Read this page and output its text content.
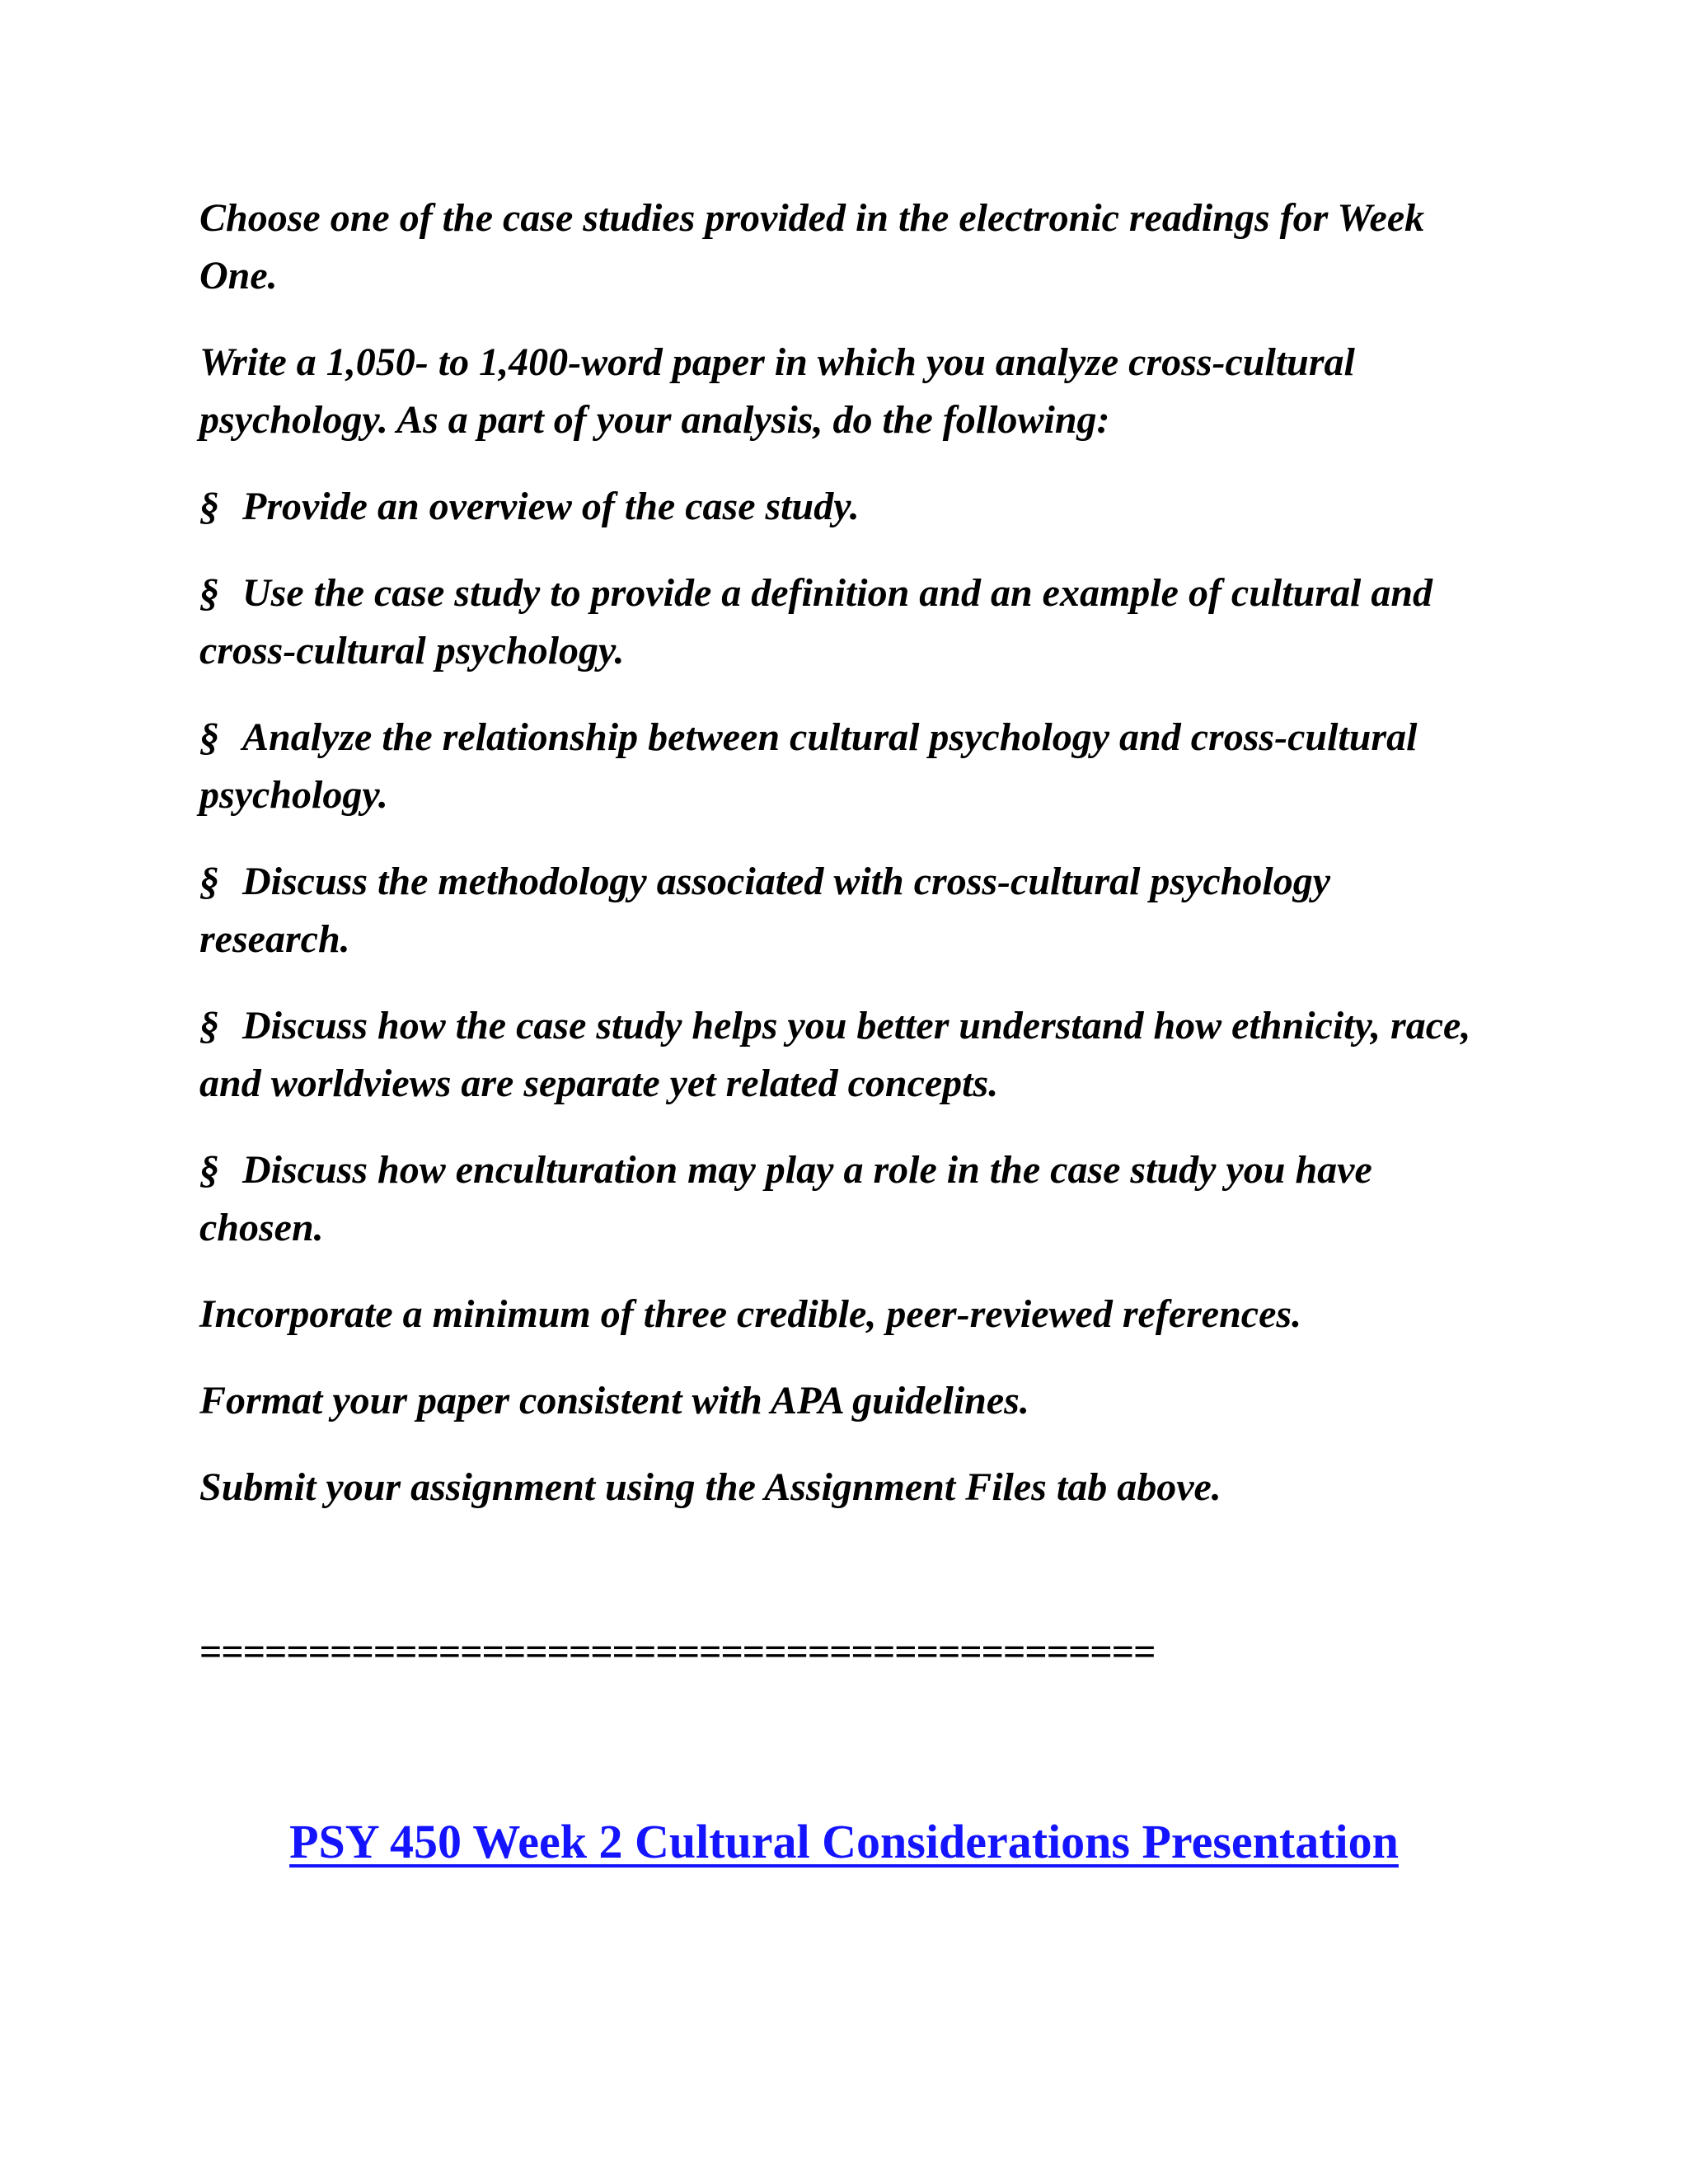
Choose one of the case studies provided in the electronic readings for Week One.

Write a 1,050- to 1,400-word paper in which you analyze cross-cultural psychology. As a part of your analysis, do the following:

§ Provide an overview of the case study.

§ Use the case study to provide a definition and an example of cultural and cross-cultural psychology.

§ Analyze the relationship between cultural psychology and cross-cultural psychology.

§ Discuss the methodology associated with cross-cultural psychology research.

§ Discuss how the case study helps you better understand how ethnicity, race, and worldviews are separate yet related concepts.

§ Discuss how enculturation may play a role in the case study you have chosen.

Incorporate a minimum of three credible, peer-reviewed references.

Format your paper consistent with APA guidelines.

Submit your assignment using the Assignment Files tab above.

============================================
PSY 450 Week 2 Cultural Considerations Presentation
